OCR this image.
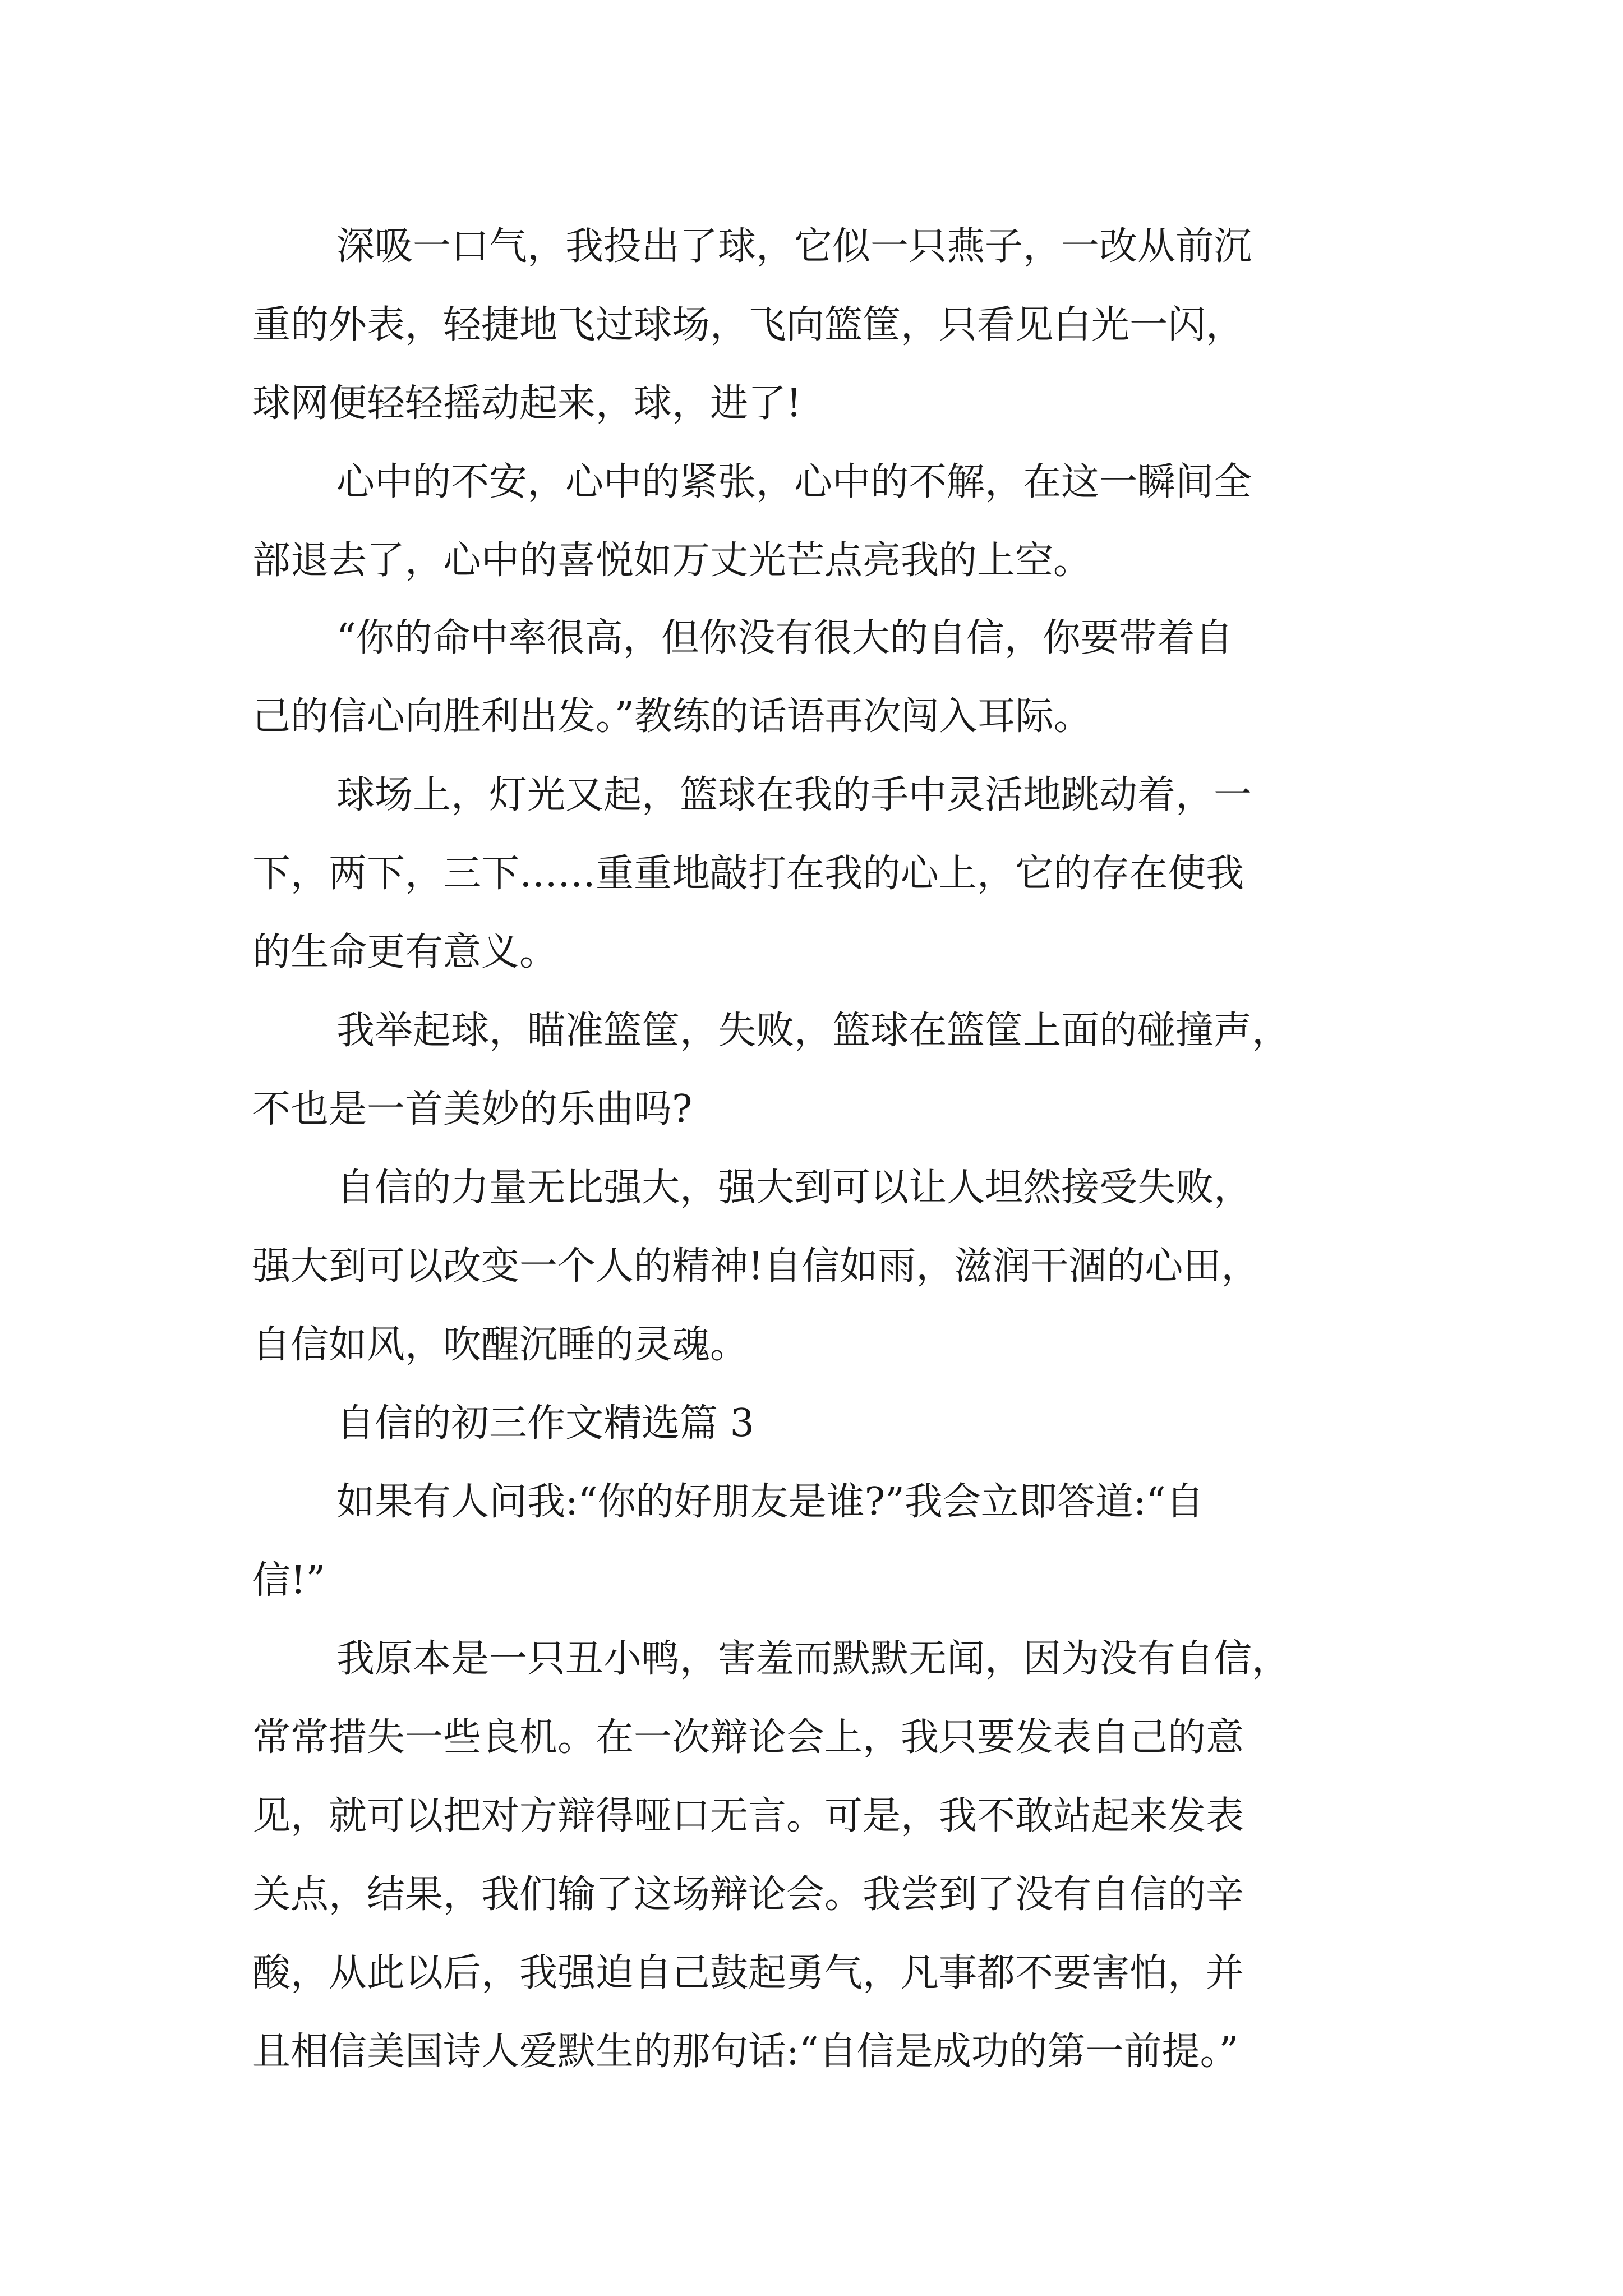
深吸一口气，我投出了球，它似一只燕子，一改从前沉
重的外表，轻捷地飞过球场，飞向篮筐，只看见白光一闪，
球网便轻轻摇动起来，球，进了!
心中的不安，心中的紧张，心中的不解，在这一瞬间全
部退去了，心中的喜悦如万丈光芒点亮我的上空。
“你的命中率很高，但你没有很大的自信，你要带着自
己的信心向胜利出发。”教练的话语再次闯入耳际。
球场上，灯光又起，篮球在我的手中灵活地跳动着，一
下，两下，三下……重重地敲打在我的心上，它的存在使我
的生命更有意义。
我举起球，瞄准篮筐，失败，篮球在篮筐上面的碰撞声，
不也是一首美妙的乐曲吗?
自信的力量无比强大，强大到可以让人坦然接受失败，
强大到可以改变一个人的精神!自信如雨，滋润干涸的心田，
自信如风，吹醒沉睡的灵魂。
自信的初三作文精选篇 3
如果有人问我:“你的好朋友是谁?”我会立即答道:“自
信!”
我原本是一只丑小鸭，害羞而默默无闻，因为没有自信，
常常措失一些良机。在一次辩论会上，我只要发表自己的意
见，就可以把对方辩得哑口无言。可是，我不敢站起来发表
关点，结果，我们输了这场辩论会。我尝到了没有自信的辛
酸，从此以后，我强迫自己鼓起勇气，凡事都不要害怕，并
且相信美国诗人爱默生的那句话:“自信是成功的第一前提。”
